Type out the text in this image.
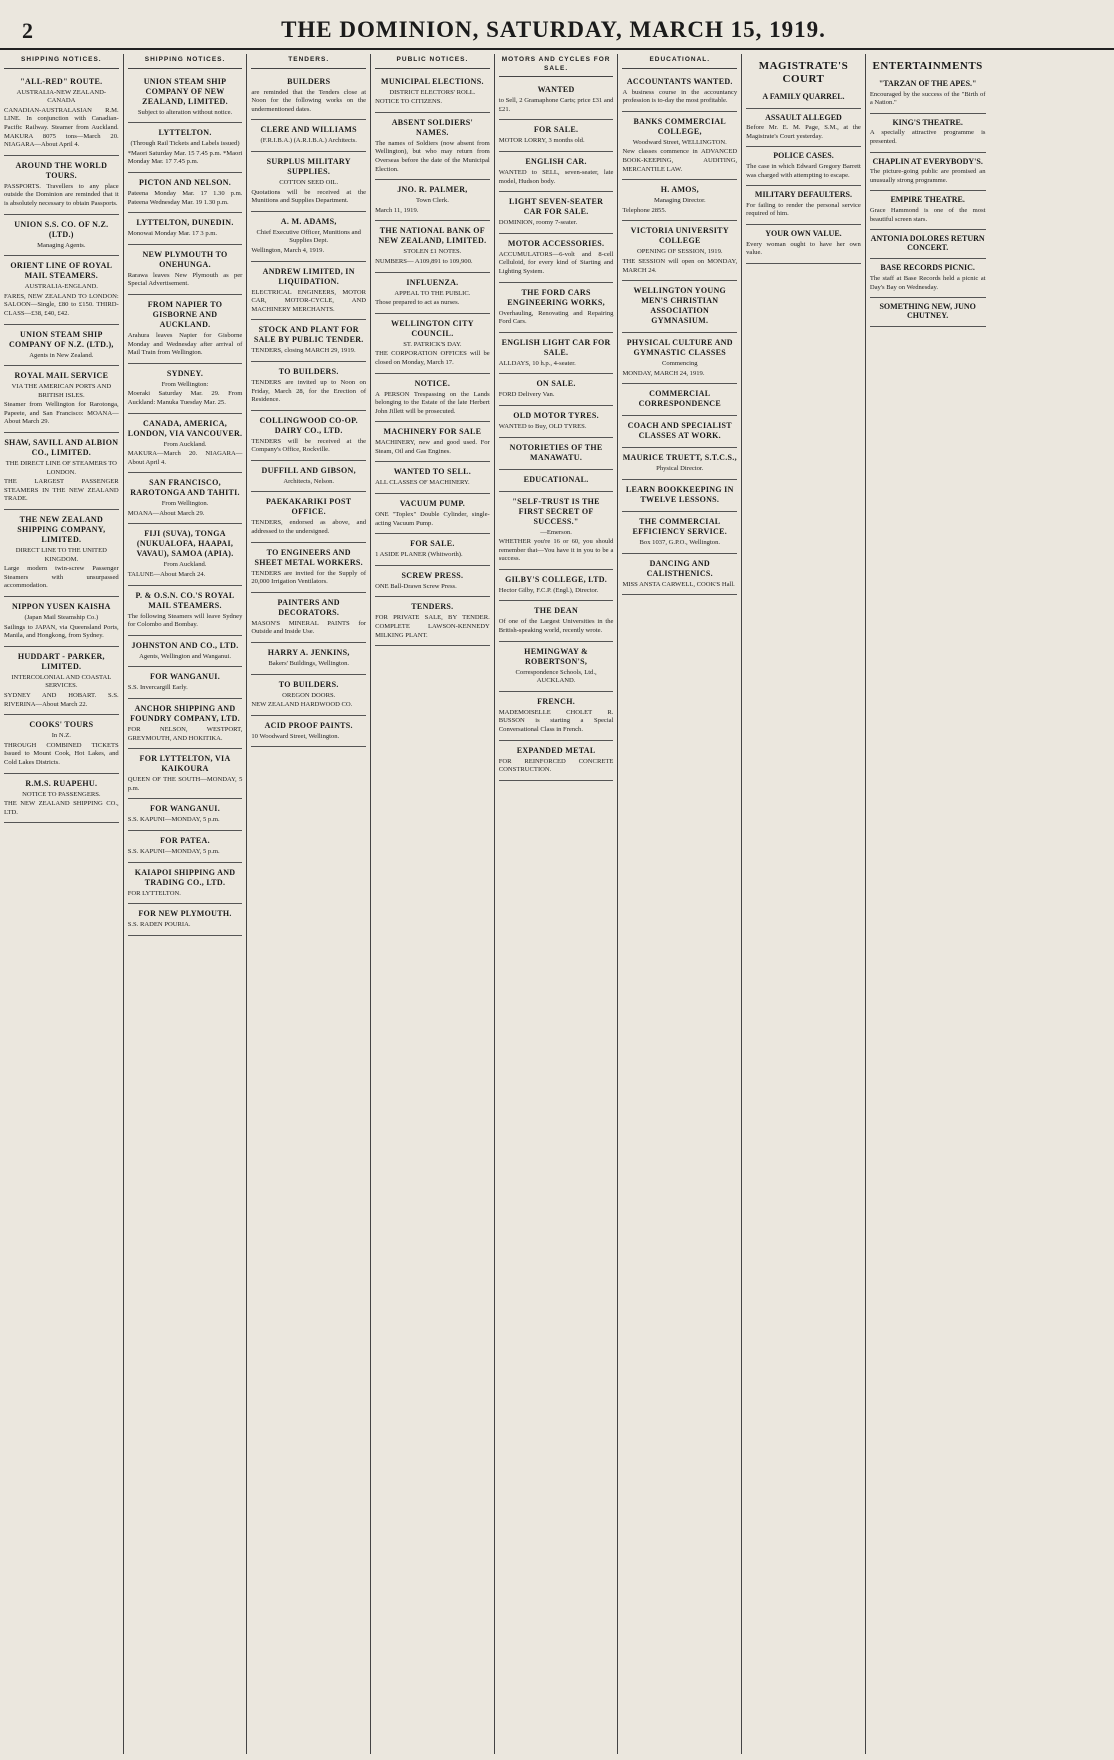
2	THE DOMINION, SATURDAY, MARCH 15, 1919.
SHIPPING NOTICES.
"ALL-RED" ROUTE.
AUSTRALIA-NEW ZEALAND-CANADA
CANADIAN-AUSTRALASIAN R.M. LINE. In conjunction with Canadian-Pacific Railway. Steamer from Auckland. MAKURA 8075 tons—March 20. NIAGARA—About April 4.
AROUND THE WORLD TOURS.
PASSPORTS. Travellers to any place outside the Dominion are reminded that it is absolutely necessary to obtain Passports.
UNION S.S. CO. OF N.Z. (LTD.)
Managing Agents.
ORIENT LINE OF ROYAL MAIL STEAMERS.
AUSTRALIA-ENGLAND.
FARES, NEW ZEALAND TO LONDON: SALOON—Single, £80 to £150. THIRD-CLASS—£38, £40, £42.
UNION STEAM SHIP COMPANY OF N.Z. (LTD.),
Agents in New Zealand.
ROYAL MAIL SERVICE
VIA THE AMERICAN PORTS AND BRITISH ISLES.
Steamer from Wellington for Rarotonga, Papeete, and San Francisco: MOANA—About March 29.
SHAW, SAVILL AND ALBION CO., LIMITED.
THE DIRECT LINE OF STEAMERS TO LONDON.
THE LARGEST PASSENGER STEAMERS IN THE NEW ZEALAND TRADE.
THE NEW ZEALAND SHIPPING COMPANY, LIMITED.
DIRECT LINE TO THE UNITED KINGDOM.
Large modern twin-screw Passenger Steamers with unsurpassed accommodation.
NIPPON YUSEN KAISHA
(Japan Mail Steamship Co.)
Sailings to JAPAN, via Queensland Ports, Manila, and Hongkong, from Sydney.
HUDDART - PARKER, LIMITED.
INTERCOLONIAL AND COASTAL SERVICES.
SYDNEY AND HOBART. S.S. RIVERINA—About March 22.
COOKS' TOURS
In N.Z.
THROUGH COMBINED TICKETS Issued to Mount Cook, Hot Lakes, and Cold Lakes Districts.
R.M.S. RUAPEHU.
NOTICE TO PASSENGERS.
THE NEW ZEALAND SHIPPING CO., LTD.
SHIPPING NOTICES.
UNION STEAM SHIP COMPANY OF NEW ZEALAND, LIMITED.
Subject to alteration without notice.
LYTTELTON.
(Through Rail Tickets and Labels issued)
*Maori Saturday Mar. 15 7.45 p.m. *Maori Monday Mar. 17 7.45 p.m.
PICTON AND NELSON.
Pateena Monday Mar. 17 1.30 p.m. Pateena Wednesday Mar. 19 1.30 p.m.
LYTTELTON, DUNEDIN.
Monowai Monday Mar. 17 3 p.m.
NEW PLYMOUTH TO ONEHUNGA.
Rarawa leaves New Plymouth as per Special Advertisement.
FROM NAPIER TO GISBORNE AND AUCKLAND.
Arahura leaves Napier for Gisborne Monday and Wednesday after arrival of Mail Train from Wellington.
SYDNEY.
From Wellington:
Moeraki Saturday Mar. 29. From Auckland: Manuka Tuesday Mar. 25.
CANADA, AMERICA, LONDON, VIA VANCOUVER.
From Auckland.
MAKURA—March 20. NIAGARA—About April 4.
SAN FRANCISCO, RAROTONGA AND TAHITI.
From Wellington.
MOANA—About March 29.
FIJI (SUVA), TONGA (NUKUALOFA, HAAPAI, VAVAU), SAMOA (APIA).
From Auckland.
TALUNE—About March 24.
P. & O.S.N. CO.'S ROYAL MAIL STEAMERS.
The following Steamers will leave Sydney for Colombo and Bombay.
JOHNSTON AND CO., LTD.
Agents, Wellington and Wanganui.
FOR WANGANUI.
S.S. Invercargill Early.
ANCHOR SHIPPING AND FOUNDRY COMPANY, LTD.
FOR NELSON, WESTPORT, GREYMOUTH, AND HOKITIKA.
FOR LYTTELTON, VIA KAIKOURA
QUEEN OF THE SOUTH—MONDAY, 5 p.m.
FOR WANGANUI.
S.S. KAPUNI—MONDAY, 5 p.m.
FOR PATEA.
S.S. KAPUNI—MONDAY, 5 p.m.
KAIAPOI SHIPPING AND TRADING CO., LTD.
FOR LYTTELTON.
FOR NEW PLYMOUTH.
S.S. RADEN POURIA.
TENDERS.
BUILDERS
are reminded that the Tenders close at Noon for the following works on the undermentioned dates.
CLERE AND WILLIAMS
(F.R.I.B.A.) (A.R.I.B.A.) Architects.
SURPLUS MILITARY SUPPLIES.
COTTON SEED OIL.
Quotations will be received at the Munitions and Supplies Department.
A. M. ADAMS,
Chief Executive Officer, Munitions and Supplies Dept.
Wellington, March 4, 1919.
ANDREW LIMITED, IN LIQUIDATION.
ELECTRICAL ENGINEERS, MOTOR CAR, MOTOR-CYCLE, AND MACHINERY MERCHANTS.
STOCK AND PLANT FOR SALE BY PUBLIC TENDER.
TENDERS, closing MARCH 29, 1919.
TO BUILDERS.
TENDERS are invited up to Noon on Friday, March 28, for the Erection of Residence.
COLLINGWOOD CO-OP. DAIRY CO., LTD.
TENDERS will be received at the Company's Office, Rockville.
DUFFILL AND GIBSON,
Architects, Nelson.
PAEKAKARIKI POST OFFICE.
TENDERS, endorsed as above, and addressed to the undersigned.
TO ENGINEERS AND SHEET METAL WORKERS.
TENDERS are invited for the Supply of 20,000 Irrigation Ventilators.
PAINTERS AND DECORATORS.
MASON'S MINERAL PAINTS for Outside and Inside Use.
HARRY A. JENKINS,
Bakers' Buildings, Wellington.
TO BUILDERS.
OREGON DOORS.
NEW ZEALAND HARDWOOD CO.
ACID PROOF PAINTS.
10 Woodward Street, Wellington.
PUBLIC NOTICES.
MUNICIPAL ELECTIONS.
DISTRICT ELECTORS' ROLL.
NOTICE TO CITIZENS.
ABSENT SOLDIERS' NAMES.
The names of Soldiers (now absent from Wellington), but who may return from Overseas before the date of the Municipal Election.
JNO. R. PALMER,
Town Clerk.
March 11, 1919.
THE NATIONAL BANK OF NEW ZEALAND, LIMITED.
STOLEN £1 NOTES.
NUMBERS— A109,891 to 109,900.
INFLUENZA.
APPEAL TO THE PUBLIC.
Those prepared to act as nurses.
WELLINGTON CITY COUNCIL.
ST. PATRICK'S DAY.
THE CORPORATION OFFICES will be closed on Monday, March 17.
NOTICE.
A PERSON Trespassing on the Lands belonging to the Estate of the late Herbert John Jillett will be prosecuted.
MACHINERY FOR SALE
MACHINERY, new and good used. For Steam, Oil and Gas Engines.
WANTED TO SELL.
ALL CLASSES OF MACHINERY.
VACUUM PUMP.
ONE "Toplex" Double Cylinder, single-acting Vacuum Pump.
FOR SALE.
1 ASIDE PLANER (Whitworth).
SCREW PRESS.
ONE Ball-Drawn Screw Press.
TENDERS.
FOR PRIVATE SALE, BY TENDER. COMPLETE LAWSON-KENNEDY MILKING PLANT.
MOTORS AND CYCLES FOR SALE.
WANTED
to Sell, 2 Gramaphone Carts; price £31 and £21.
FOR SALE.
MOTOR LORRY, 3 months old.
ENGLISH CAR.
WANTED to SELL, seven-seater, late model, Hudson body.
LIGHT SEVEN-SEATER CAR FOR SALE.
DOMINION, roomy 7-seater.
MOTOR ACCESSORIES.
ACCUMULATORS—6-volt and 8-cell Celluloid, for every kind of Starting and Lighting System.
THE FORD CARS ENGINEERING WORKS,
Overhauling, Renovating and Repairing Ford Cars.
ENGLISH LIGHT CAR FOR SALE.
ALLDAYS, 10 h.p., 4-seater.
ON SALE.
FORD Delivery Van.
OLD MOTOR TYRES.
WANTED to Buy, OLD TYRES.
NOTORIETIES OF THE MANAWATU.
EDUCATIONAL.
"SELF-TRUST IS THE FIRST SECRET OF SUCCESS."
—Emerson.
WHETHER you're 16 or 60, you should remember that—You have it in you to be a success.
GILBY'S COLLEGE, LTD.
Hector Gilby, F.C.P. (Engl.), Director.
THE DEAN
Of one of the Largest Universities in the British-speaking world, recently wrote.
HEMINGWAY & ROBERTSON'S,
Correspondence Schools, Ltd., AUCKLAND.
FRENCH.
MADEMOISELLE CHOLET R. BUSSON is starting a Special Conversational Class in French.
EXPANDED METAL
FOR REINFORCED CONCRETE CONSTRUCTION.
EDUCATIONAL.
ACCOUNTANTS WANTED.
A business course in the accountancy profession is to-day the most profitable.
BANKS COMMERCIAL COLLEGE,
Woodward Street, WELLINGTON.
New classes commence in ADVANCED BOOK-KEEPING, AUDITING, MERCANTILE LAW.
H. AMOS,
Managing Director.
Telephone 2855.
VICTORIA UNIVERSITY COLLEGE
OPENING OF SESSION, 1919.
THE SESSION will open on MONDAY, MARCH 24.
WELLINGTON YOUNG MEN'S CHRISTIAN ASSOCIATION GYMNASIUM.
PHYSICAL CULTURE AND GYMNASTIC CLASSES
Commencing
MONDAY, MARCH 24, 1919.
COMMERCIAL CORRESPONDENCE
COACH AND SPECIALIST CLASSES AT WORK.
MAURICE TRUETT, S.T.C.S.,
Physical Director.
LEARN BOOKKEEPING IN TWELVE LESSONS.
THE COMMERCIAL EFFICIENCY SERVICE.
Box 1037, G.P.O., Wellington.
DANCING AND CALISTHENICS.
MISS ANSTA CARWELL, COOK'S Hall.
MAGISTRATE'S COURT
A FAMILY QUARREL.
ASSAULT ALLEGED
Before Mr. E. M. Page, S.M., at the Magistrate's Court yesterday.
POLICE CASES.
The case in which Edward Gregory Barrett was charged with attempting to escape.
MILITARY DEFAULTERS.
For failing to render the personal service required of him.
YOUR OWN VALUE.
Every woman ought to have her own value.
ENTERTAINMENTS
"TARZAN OF THE APES."
Encouraged by the success of the "Birth of a Nation."
KING'S THEATRE.
A specially attractive programme is presented.
CHAPLIN AT EVERYBODY'S.
The picture-going public are promised an unusually strong programme.
EMPIRE THEATRE.
Grace Hammond is one of the most beautiful screen stars.
ANTONIA DOLORES RETURN CONCERT.
BASE RECORDS PICNIC.
The staff at Base Records held a picnic at Day's Bay on Wednesday.
SOMETHING NEW, JUNO CHUTNEY.
